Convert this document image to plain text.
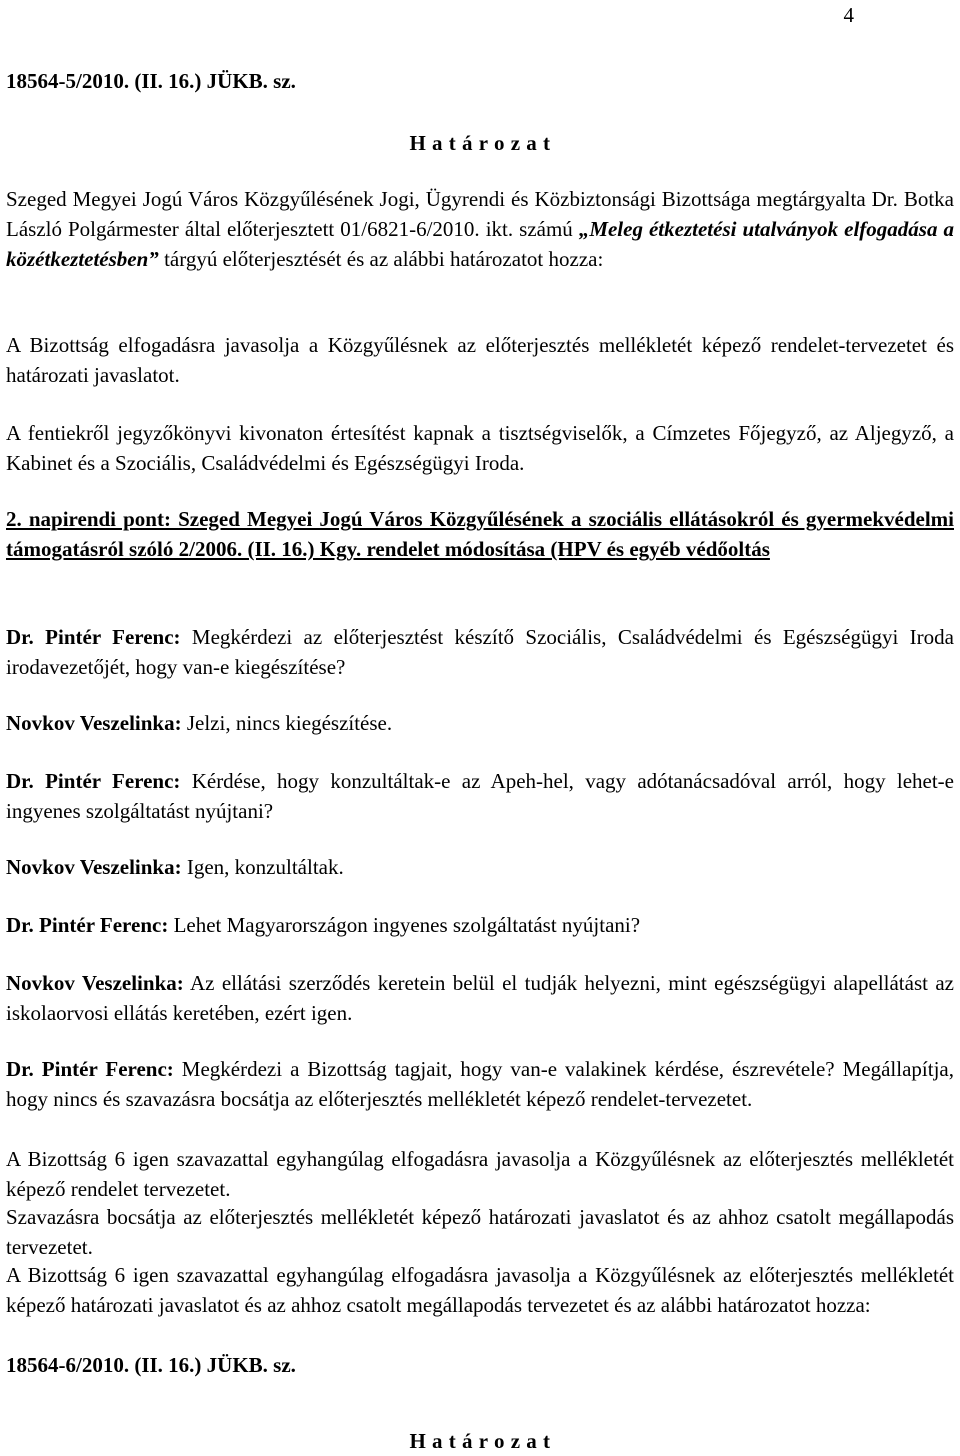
4
18564-5/2010. (II. 16.) JÜKB. sz.
H a t á r o z a t
Szeged Megyei Jogú Város Közgyűlésének Jogi, Ügyrendi és Közbiztonsági Bizottsága megtárgyalta Dr. Botka László Polgármester által előterjesztett 01/6821-6/2010. ikt. számú „Meleg étkeztetési utalványok elfogadása a közétkeztetésben” tárgyú előterjesztését és az alábbi határozatot hozza:
A Bizottság elfogadásra javasolja a Közgyűlésnek az előterjesztés mellékletét képező rendelet-tervezetet és határozati javaslatot.
A fentiekről jegyzőkönyvi kivonaton értesítést kapnak a tisztségviselők, a Címzetes Főjegyző, az Aljegyző, a Kabinet és a Szociális, Családvédelmi és Egészségügyi Iroda.
2. napirendi pont: Szeged Megyei Jogú Város Közgyűlésének a szociális ellátásokról és gyermekvédelmi támogatásról szóló 2/2006. (II. 16.) Kgy. rendelet módosítása (HPV és egyéb védőoltás
Dr. Pintér Ferenc: Megkérdezi az előterjesztést készítő Szociális, Családvédelmi és Egészségügyi Iroda irodavezetőjét, hogy van-e kiegészítése?
Novkov Veszelinka: Jelzi, nincs kiegészítése.
Dr. Pintér Ferenc: Kérdése, hogy konzultáltak-e az Apeh-hel, vagy adótanácsadóval arról, hogy lehet-e ingyenes szolgáltatást nyújtani?
Novkov Veszelinka: Igen, konzultáltak.
Dr. Pintér Ferenc: Lehet Magyarországon ingyenes szolgáltatást nyújtani?
Novkov Veszelinka: Az ellátási szerződés keretein belül el tudják helyezni, mint egészségügyi alapellátást az iskolaorvosi ellátás keretében, ezért igen.
Dr. Pintér Ferenc: Megkérdezi a Bizottság tagjait, hogy van-e valakinek kérdése, észrevétele? Megállapítja, hogy nincs és szavazásra bocsátja az előterjesztés mellékletét képező rendelet-tervezetet.
A Bizottság 6 igen szavazattal egyhangúlag elfogadásra javasolja a Közgyűlésnek az előterjesztés mellékletét képező rendelet tervezetet.
Szavazásra bocsátja az előterjesztés mellékletét képező határozati javaslatot és az ahhoz csatolt megállapodás tervezetet.
A Bizottság 6 igen szavazattal egyhangúlag elfogadásra javasolja a Közgyűlésnek az előterjesztés mellékletét képező határozati javaslatot és az ahhoz csatolt megállapodás tervezetet és az alábbi határozatot hozza:
18564-6/2010. (II. 16.) JÜKB. sz.
H a t á r o z a t
